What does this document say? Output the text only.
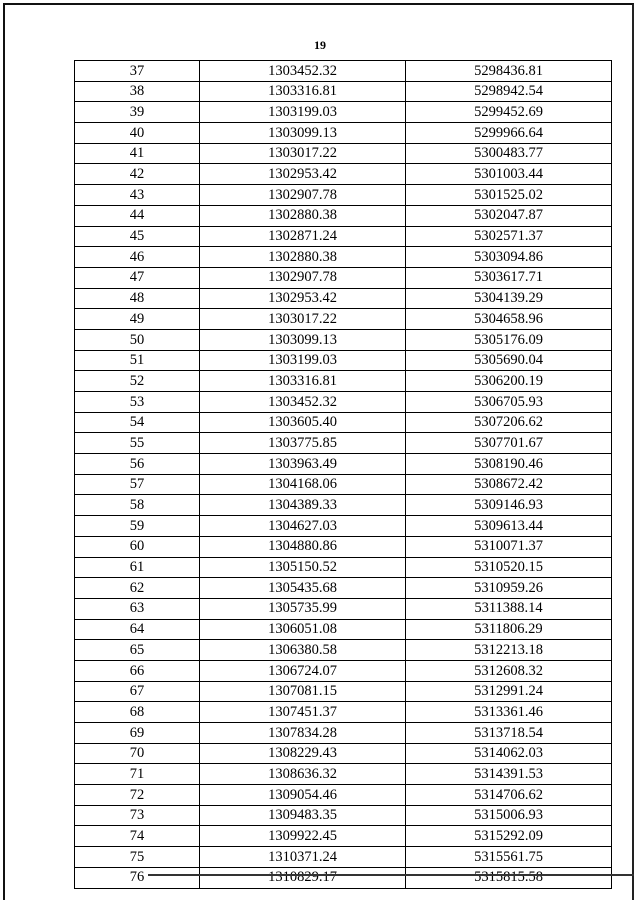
19
37	1303452.32	5298436.81
38	1303316.81	5298942.54
39	1303199.03	5299452.69
40	1303099.13	5299966.64
41	1303017.22	5300483.77
42	1302953.42	5301003.44
43	1302907.78	5301525.02
44	1302880.38	5302047.87
45	1302871.24	5302571.37
46	1302880.38	5303094.86
47	1302907.78	5303617.71
48	1302953.42	5304139.29
49	1303017.22	5304658.96
50	1303099.13	5305176.09
51	1303199.03	5305690.04
52	1303316.81	5306200.19
53	1303452.32	5306705.93
54	1303605.40	5307206.62
55	1303775.85	5307701.67
56	1303963.49	5308190.46
57	1304168.06	5308672.42
58	1304389.33	5309146.93
59	1304627.03	5309613.44
60	1304880.86	5310071.37
61	1305150.52	5310520.15
62	1305435.68	5310959.26
63	1305735.99	5311388.14
64	1306051.08	5311806.29
65	1306380.58	5312213.18
66	1306724.07	5312608.32
67	1307081.15	5312991.24
68	1307451.37	5313361.46
69	1307834.28	5313718.54
70	1308229.43	5314062.03
71	1308636.32	5314391.53
72	1309054.46	5314706.62
73	1309483.35	5315006.93
74	1309922.45	5315292.09
75	1310371.24	5315561.75
76	1310829.17	5315815.58
